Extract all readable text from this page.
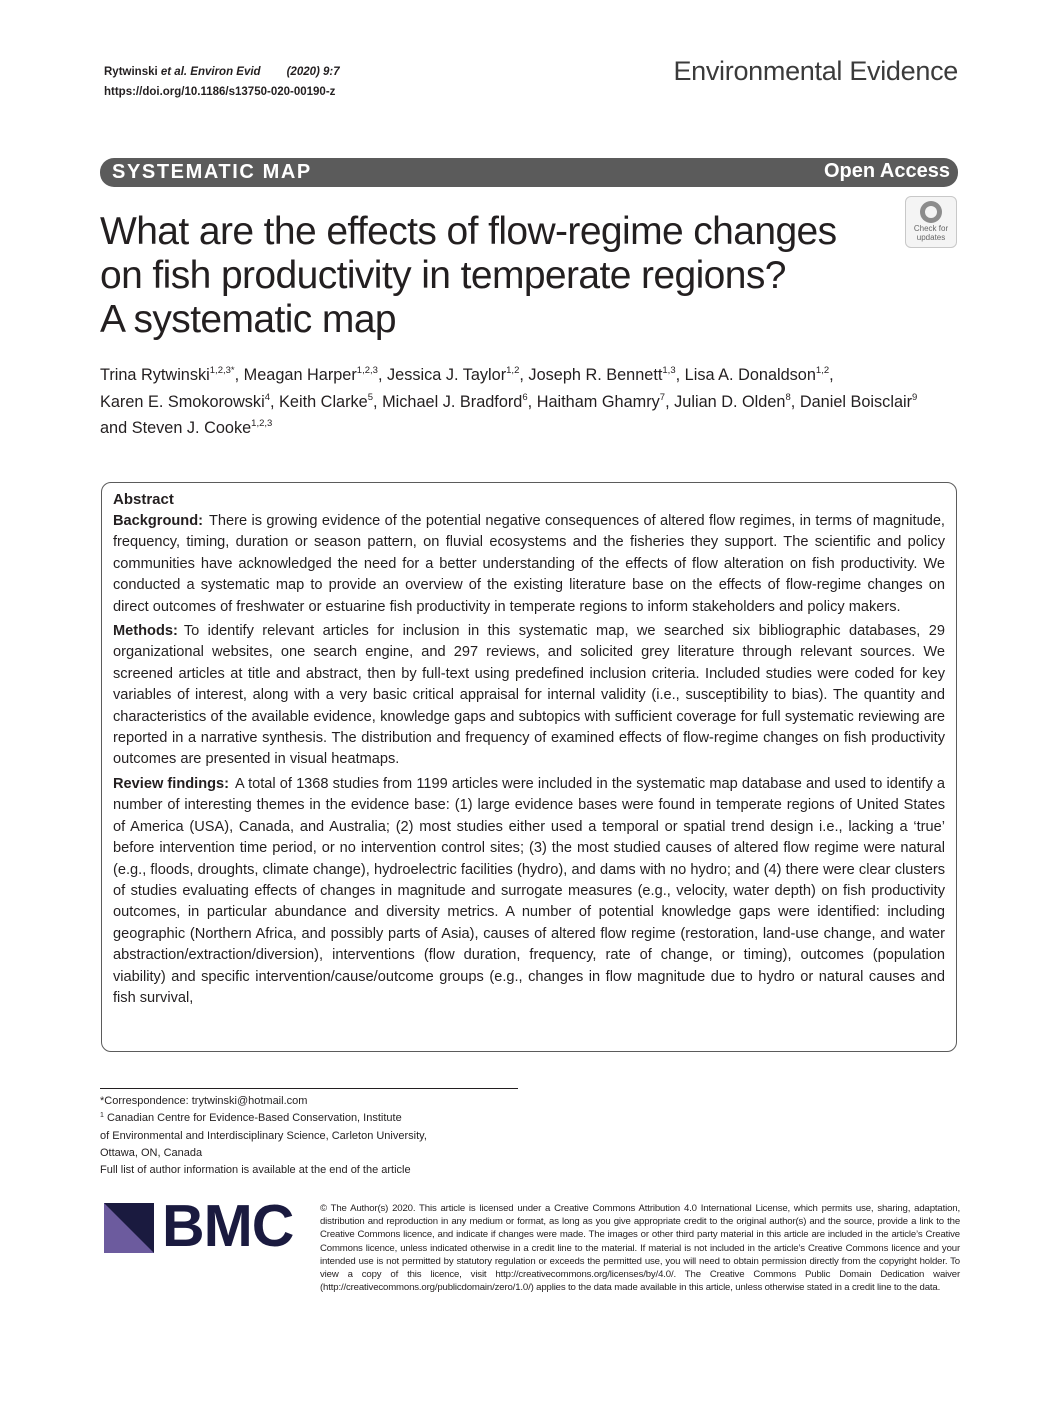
Rytwinski et al. Environ Evid (2020) 9:7
https://doi.org/10.1186/s13750-020-00190-z
Environmental Evidence
SYSTEMATIC MAP	Open Access
What are the effects of flow-regime changes
on fish productivity in temperate regions?
A systematic map
Check for
updates
Trina Rytwinski$^{1,2,3*}$, Meagan Harper$^{1,2,3}$, Jessica J. Taylor$^{1,2}$, Joseph R. Bennett$^{1,3}$, Lisa A. Donaldson$^{1,2}$,
Karen E. Smokorowski$^4$, Keith Clarke$^5$, Michael J. Bradford$^6$, Haitham Ghamry$^7$, Julian D. Olden$^8$, Daniel Boisclair$^9$
and Steven J. Cooke$^{1,2,3}$
Abstract

Background: There is growing evidence of the potential negative consequences of altered flow regimes, in terms of magnitude, frequency, timing, duration or season pattern, on fluvial ecosystems and the fisheries they support. The scientific and policy communities have acknowledged the need for a better understanding of the effects of flow alteration on fish productivity. We conducted a systematic map to provide an overview of the existing literature base on the effects of flow-regime changes on direct outcomes of freshwater or estuarine fish productivity in temperate regions to inform stakeholders and policy makers.

Methods: To identify relevant articles for inclusion in this systematic map, we searched six bibliographic databases, 29 organizational websites, one search engine, and 297 reviews, and solicited grey literature through relevant sources. We screened articles at title and abstract, then by full-text using predefined inclusion criteria. Included studies were coded for key variables of interest, along with a very basic critical appraisal for internal validity (i.e., susceptibility to bias). The quantity and characteristics of the available evidence, knowledge gaps and subtopics with sufficient coverage for full systematic reviewing are reported in a narrative synthesis. The distribution and frequency of examined effects of flow-regime changes on fish productivity outcomes are presented in visual heatmaps.

Review findings: A total of 1368 studies from 1199 articles were included in the systematic map database and used to identify a number of interesting themes in the evidence base: (1) large evidence bases were found in temperate regions of United States of America (USA), Canada, and Australia; (2) most studies either used a temporal or spatial trend design i.e., lacking a ‘true’ before intervention time period, or no intervention control sites; (3) the most studied causes of altered flow regime were natural (e.g., floods, droughts, climate change), hydroelectric facilities (hydro), and dams with no hydro; and (4) there were clear clusters of studies evaluating effects of changes in magnitude and surrogate measures (e.g., velocity, water depth) on fish productivity outcomes, in particular abundance and diversity metrics. A number of potential knowledge gaps were identified: including geographic (Northern Africa, and possibly parts of Asia), causes of altered flow regime (restoration, land-use change, and water abstraction/extraction/diversion), interventions (flow duration, frequency, rate of change, or timing), outcomes (population viability) and specific intervention/cause/outcome groups (e.g., changes in flow magnitude due to hydro or natural causes and fish survival,

*Correspondence: trytwinski@hotmail.com
$^1$ Canadian Centre for Evidence-Based Conservation, Institute
of Environmental and Interdisciplinary Science, Carleton University,
Ottawa, ON, Canada
Full list of author information is available at the end of the article
BMC	© The Author(s) 2020. This article is licensed under a Creative Commons Attribution 4.0 International License, which permits use, sharing, adaptation, distribution and reproduction in any medium or format, as long as you give appropriate credit to the original author(s) and the source, provide a link to the Creative Commons licence, and indicate if changes were made. The images or other third party material in this article are included in the article’s Creative Commons licence, unless indicated otherwise in a credit line to the material. If material is not included in the article’s Creative Commons licence and your intended use is not permitted by statutory regulation or exceeds the permitted use, you will need to obtain permission directly from the copyright holder. To view a copy of this licence, visit http://creativecommons.org/licenses/by/4.0/. The Creative Commons Public Domain Dedication waiver (http://creativecommons.org/publicdomain/zero/1.0/) applies to the data made available in this article, unless otherwise stated in a credit line to the data.
